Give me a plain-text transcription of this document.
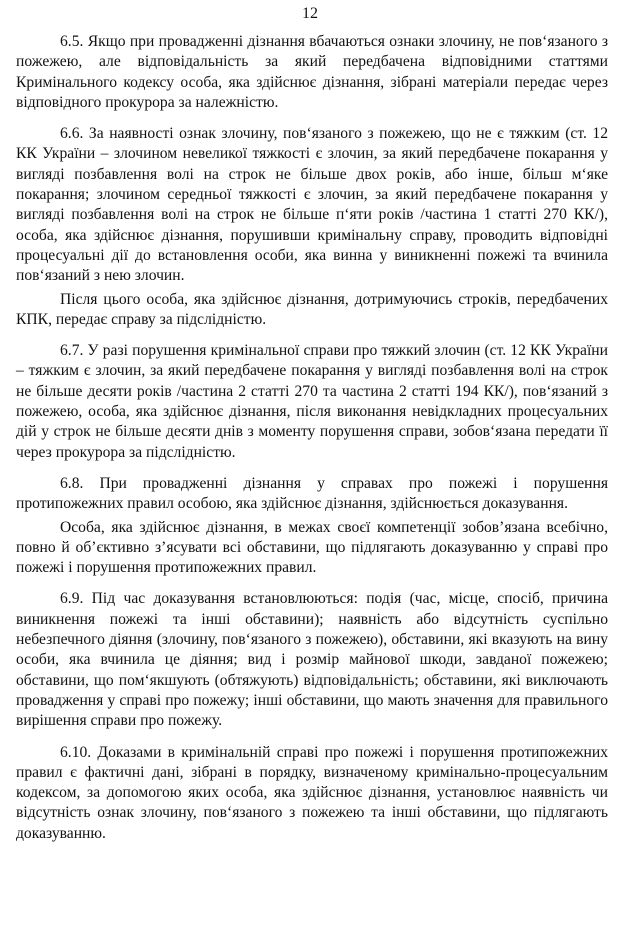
12

6.5. Якщо при провадженні дізнання вбачаються ознаки злочину, не пов‘язаного з пожежею, але відповідальність за який передбачена відповідними статтями Кримінального кодексу особа, яка здійснює дізнання, зібрані матеріали передає через відповідного прокурора за належністю.

6.6. За наявності ознак злочину, пов‘язаного з пожежею, що не є тяжким (ст. 12 КК України – злочином невеликої тяжкості є злочин, за який передбачене покарання у вигляді позбавлення волі на строк не більше двох років, або інше, більш м‘яке покарання; злочином середньої тяжкості є злочин, за який передбачене покарання у вигляді позбавлення волі на строк не більше п‘яти років /частина 1 статті 270 КК/), особа, яка здійснює дізнання, порушивши кримінальну справу, проводить відповідні процесуальні дії до встановлення особи, яка винна у виникненні пожежі та вчинила пов‘язаний з нею злочин.

Після цього особа, яка здійснює дізнання, дотримуючись строків, передбачених КПК, передає справу за підслідністю.

6.7. У разі порушення кримінальної справи про тяжкий злочин (ст. 12 КК України – тяжким є злочин, за який передбачене покарання у вигляді позбавлення волі на строк не більше десяти років /частина 2 статті 270 та частина 2 статті 194 КК/), пов‘язаний з пожежею, особа, яка здійснює дізнання, після виконання невідкладних процесуальних дій у строк не більше десяти днів з моменту порушення справи, зобов‘язана передати її через прокурора за підслідністю.

6.8. При провадженні дізнання у справах про пожежі і порушення протипожежних правил особою, яка здійснює дізнання, здійснюється доказування.

Особа, яка здійснює дізнання, в межах своєї компетенції зобов’язана всебічно, повно й об’єктивно з’ясувати всі обставини, що підлягають доказуванню у справі про пожежі і порушення протипожежних правил.

6.9. Під час доказування встановлюються: подія (час, місце, спосіб, причина виникнення пожежі та інші обставини); наявність або відсутність суспільно небезпечного діяння (злочину, пов‘язаного з пожежею), обставини, які вказують на вину особи, яка вчинила це діяння; вид і розмір майнової шкоди, завданої пожежею; обставини, що пом‘якшують (обтяжують) відповідальність; обставини, які виключають провадження у справі про пожежу; інші обставини, що мають значення для правильного вирішення справи про пожежу.

6.10. Доказами в кримінальній справі про пожежі і порушення протипожежних правил є фактичні дані, зібрані в порядку, визначеному кримінально-процесуальним кодексом, за допомогою яких особа, яка здійснює дізнання, установлює наявність чи відсутність ознак злочину, пов‘язаного з пожежею та інші обставини, що підлягають доказуванню.
